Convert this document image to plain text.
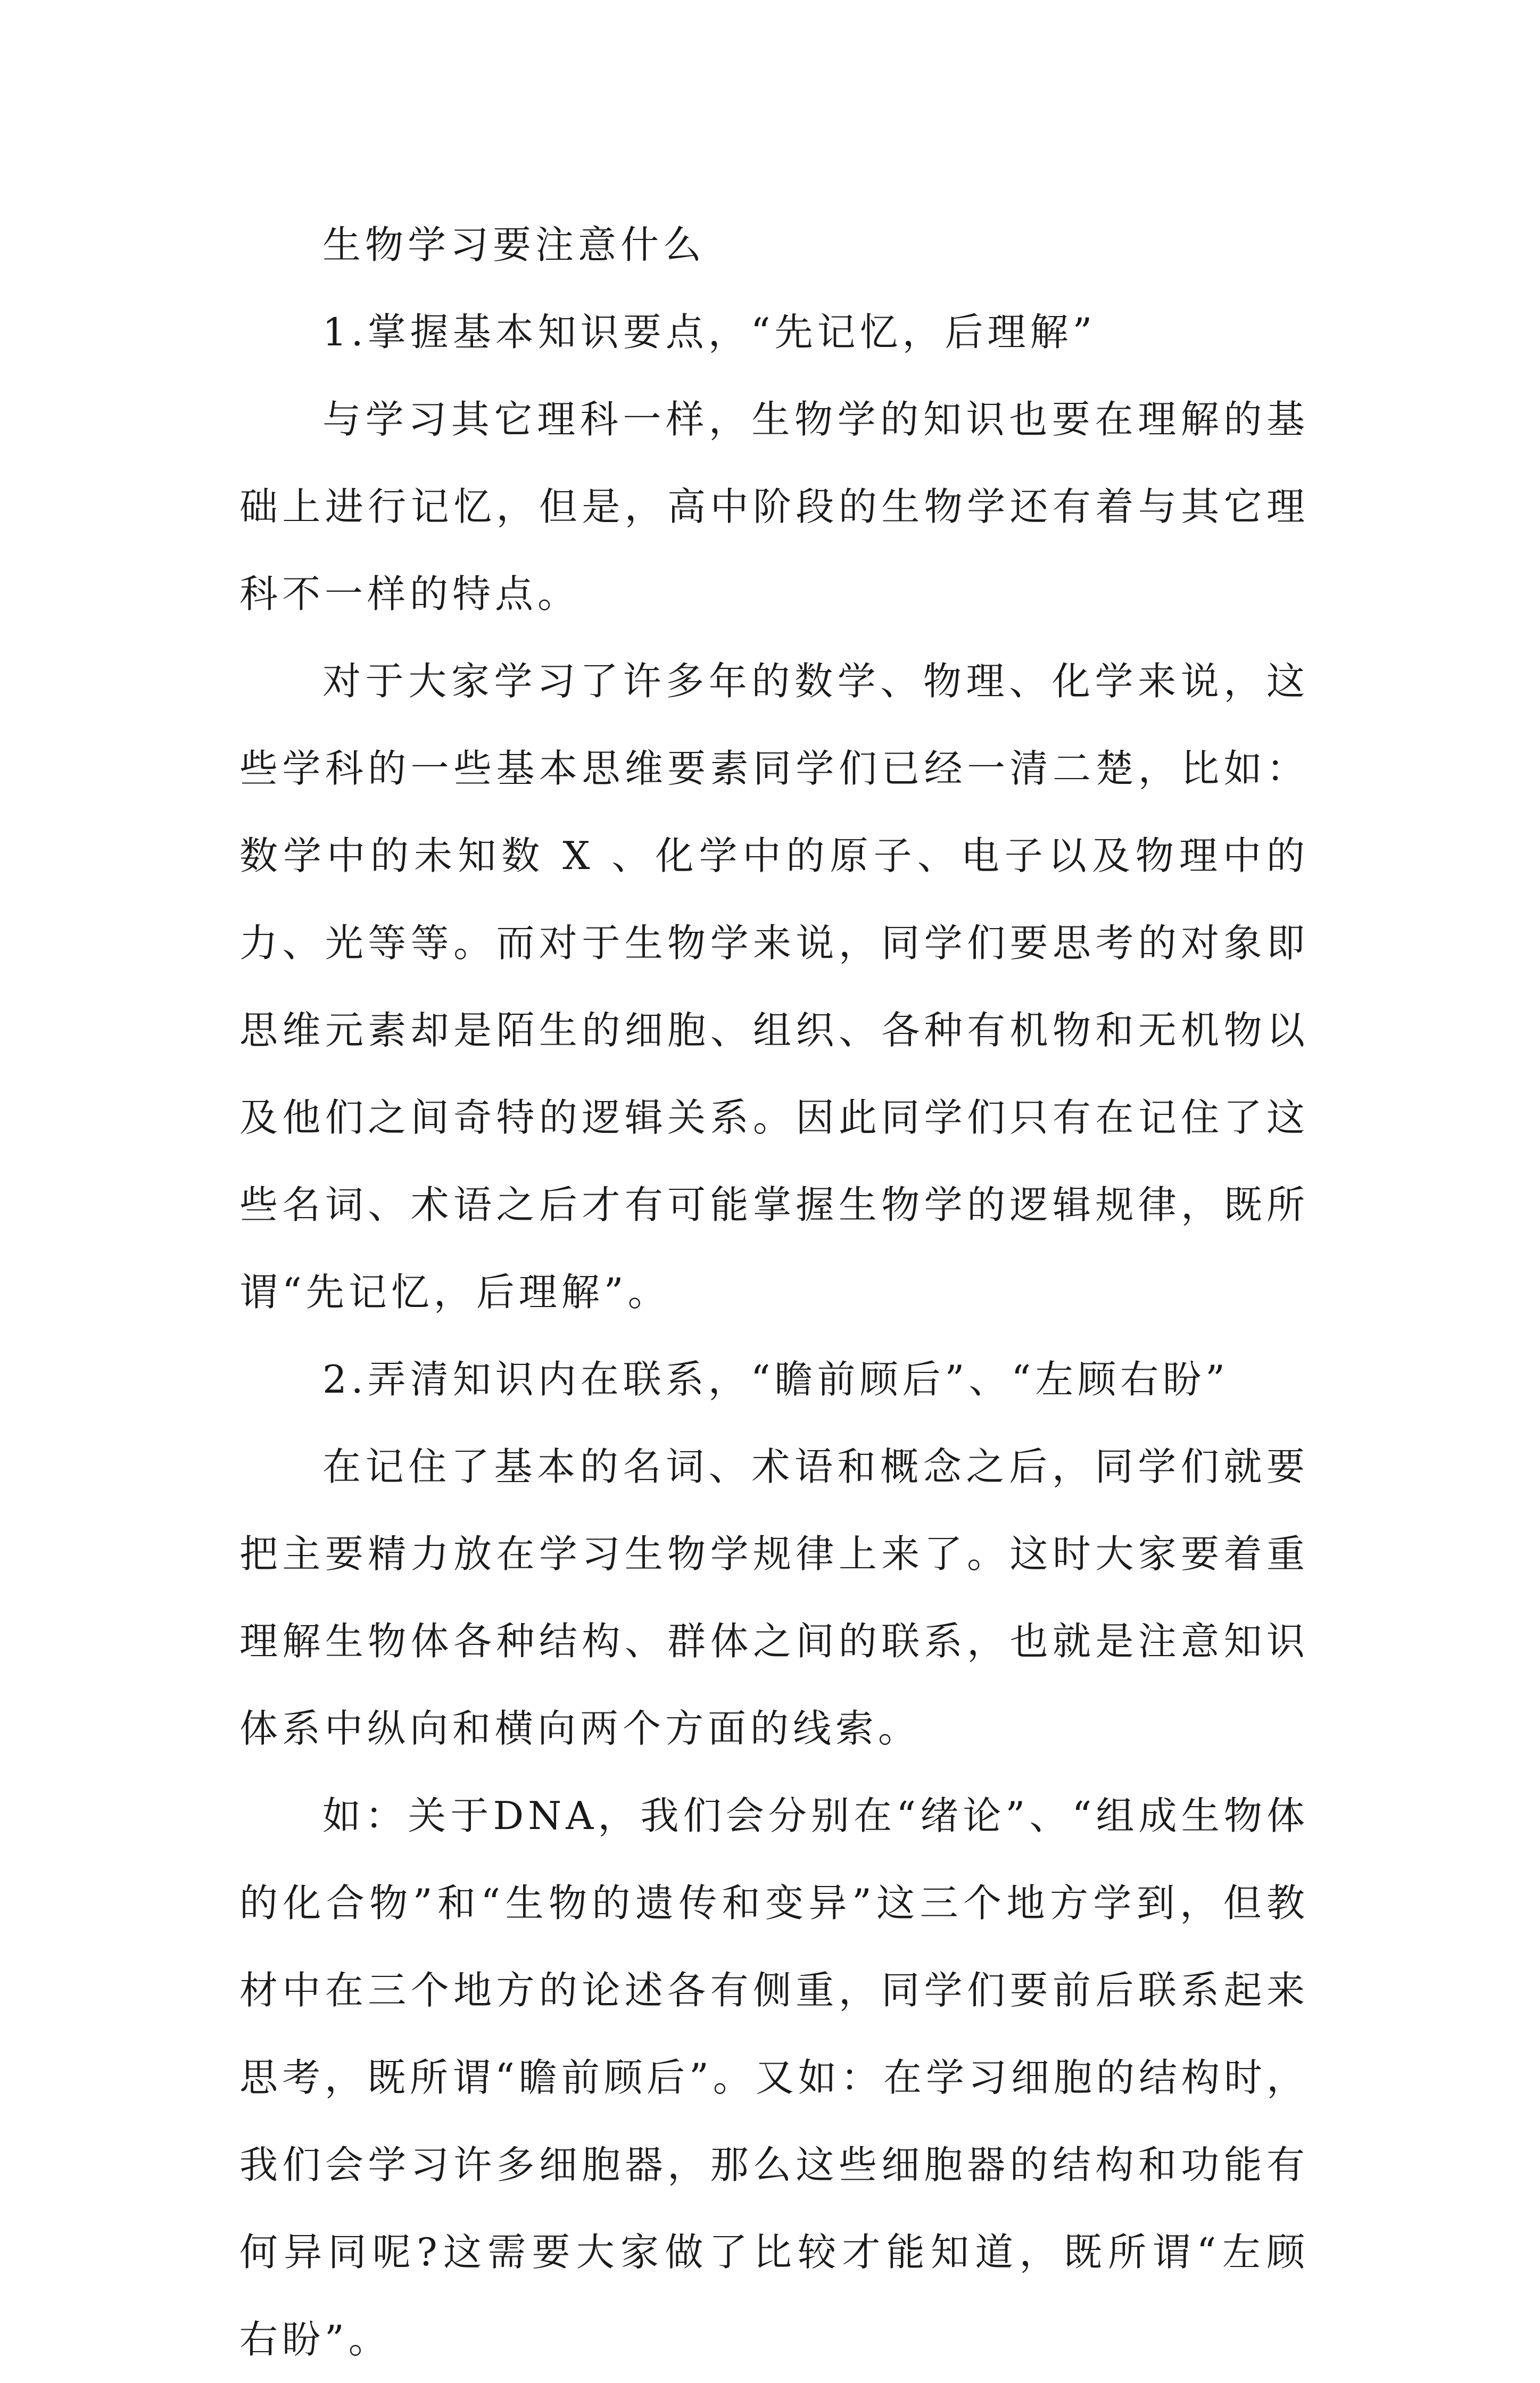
生物学习要注意什么

1.掌握基本知识要点，“先记忆，后理解”

与学习其它理科一样，生物学的知识也要在理解的基础上进行记忆，但是，高中阶段的生物学还有着与其它理科不一样的特点。

对于大家学习了许多年的数学、物理、化学来说，这些学科的一些基本思维要素同学们已经一清二楚，比如：数学中的未知数 X 、化学中的原子、电子以及物理中的力、光等等。而对于生物学来说，同学们要思考的对象即思维元素却是陌生的细胞、组织、各种有机物和无机物以及他们之间奇特的逻辑关系。因此同学们只有在记住了这些名词、术语之后才有可能掌握生物学的逻辑规律，既所谓“先记忆，后理解”。

2.弄清知识内在联系，“瞻前顾后”、“左顾右盼”

在记住了基本的名词、术语和概念之后，同学们就要把主要精力放在学习生物学规律上来了。这时大家要着重理解生物体各种结构、群体之间的联系，也就是注意知识体系中纵向和横向两个方面的线索。

如：关于DNA，我们会分别在“绪论”、“组成生物体的化合物”和“生物的遗传和变异”这三个地方学到，但教材中在三个地方的论述各有侧重，同学们要前后联系起来思考，既所谓“瞻前顾后”。又如：在学习细胞的结构时，我们会学习许多细胞器，那么这些细胞器的结构和功能有何异同呢?这需要大家做了比较才能知道，既所谓“左顾右盼”。
